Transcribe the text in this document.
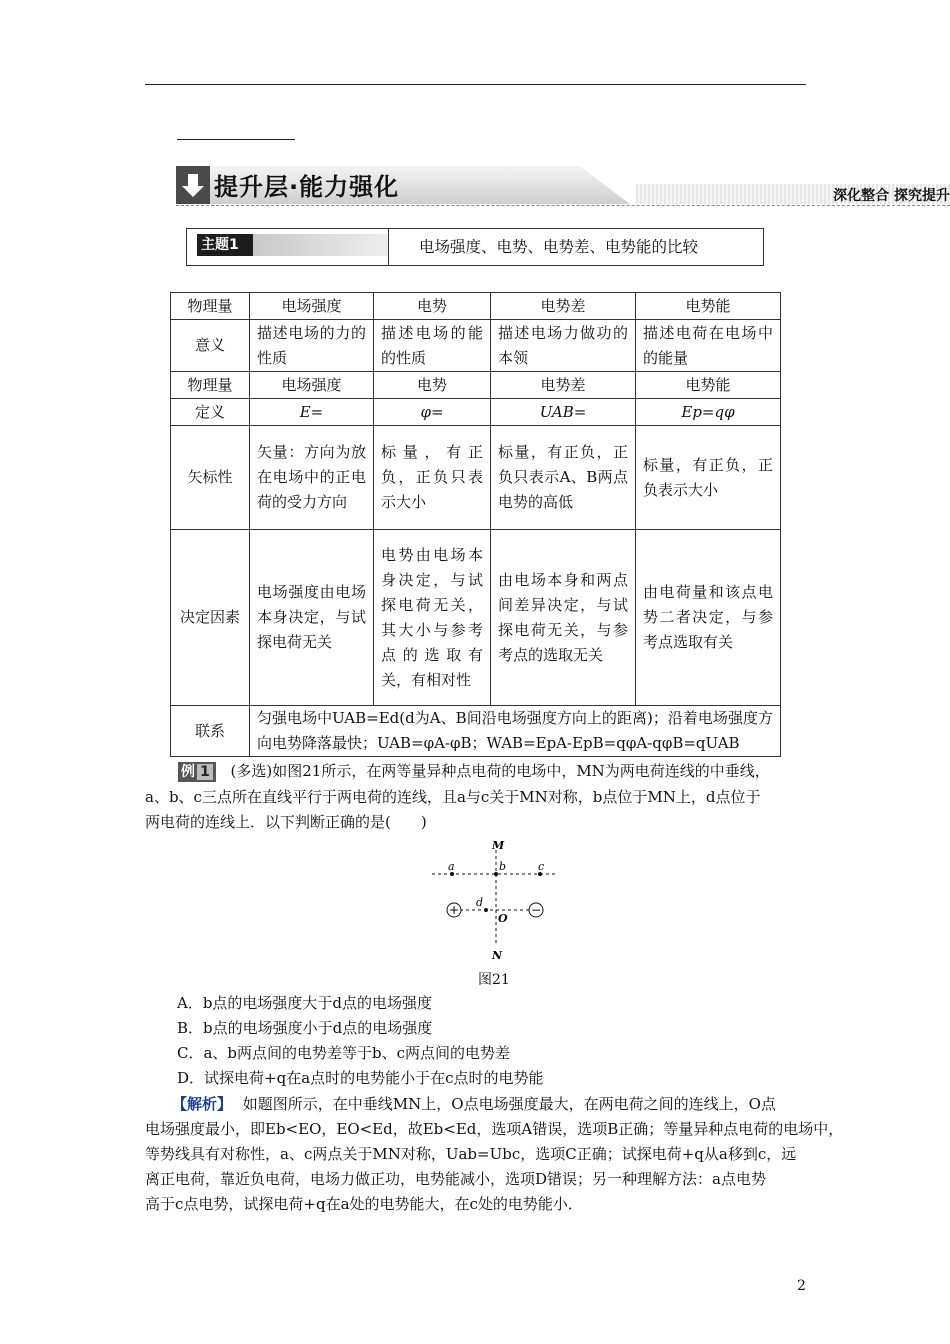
提升层·能力强化	深化整合 探究提升
主题1	电场强度、电势、电势差、电势能的比较
物理量	电场强度	电势	电势差	电势能
意义	描述电场的力的性质	描述电场的能的性质	描述电场力做功的本领	描述电荷在电场中的能量
物理量	电场强度	电势	电势差	电势能
定义	E=	φ=	UAB=	Ep=qφ
矢标性	矢量：方向为放在电场中的正电荷的受力方向	标量，有正负，正负只表示大小	标量，有正负，正负只表示A、B两点电势的高低	标量，有正负，正负表示大小
决定因素	电场强度由电场本身决定，与试探电荷无关	电势由电场本身决定，与试探电荷无关，其大小与参考点的选取有关，有相对性	由电场本身和两点间差异决定，与试探电荷无关，与参考点的选取无关	由电荷量和该点电势二者决定，与参考点选取有关
联系	匀强电场中UAB=Ed(d为A、B间沿电场强度方向上的距离)；沿着电场强度方向电势降落最快；UAB=φA-φB；WAB=EpA-EpB=qφA-qφB=qUAB			
例 1 (多选)如图21所示，在两等量异种点电荷的电场中，MN为两电荷连线的中垂线，
a、b、c三点所在直线平行于两电荷的连线，且a与c关于MN对称，b点位于MN上，d点位于
两电荷的连线上．以下判断正确的是(　　)
+	−
M
N
a	b	c
d
O
图21
A．b点的电场强度大于d点的电场强度
B．b点的电场强度小于d点的电场强度
C．a、b两点间的电势差等于b、c两点间的电势差
D．试探电荷+q在a点时的电势能小于在c点时的电势能
【解析】 如题图所示，在中垂线MN上，O点电场强度最大，在两电荷之间的连线上，O点
电场强度最小，即Eb<EO，EO<Ed，故Eb<Ed，选项A错误，选项B正确；等量异种点电荷的电场中，
等势线具有对称性，a、c两点关于MN对称，Uab=Ubc，选项C正确；试探电荷+q从a移到c，远
离正电荷，靠近负电荷，电场力做正功，电势能减小，选项D错误；另一种理解方法：a点电势
高于c点电势，试探电荷+q在a处的电势能大，在c处的电势能小．
2
